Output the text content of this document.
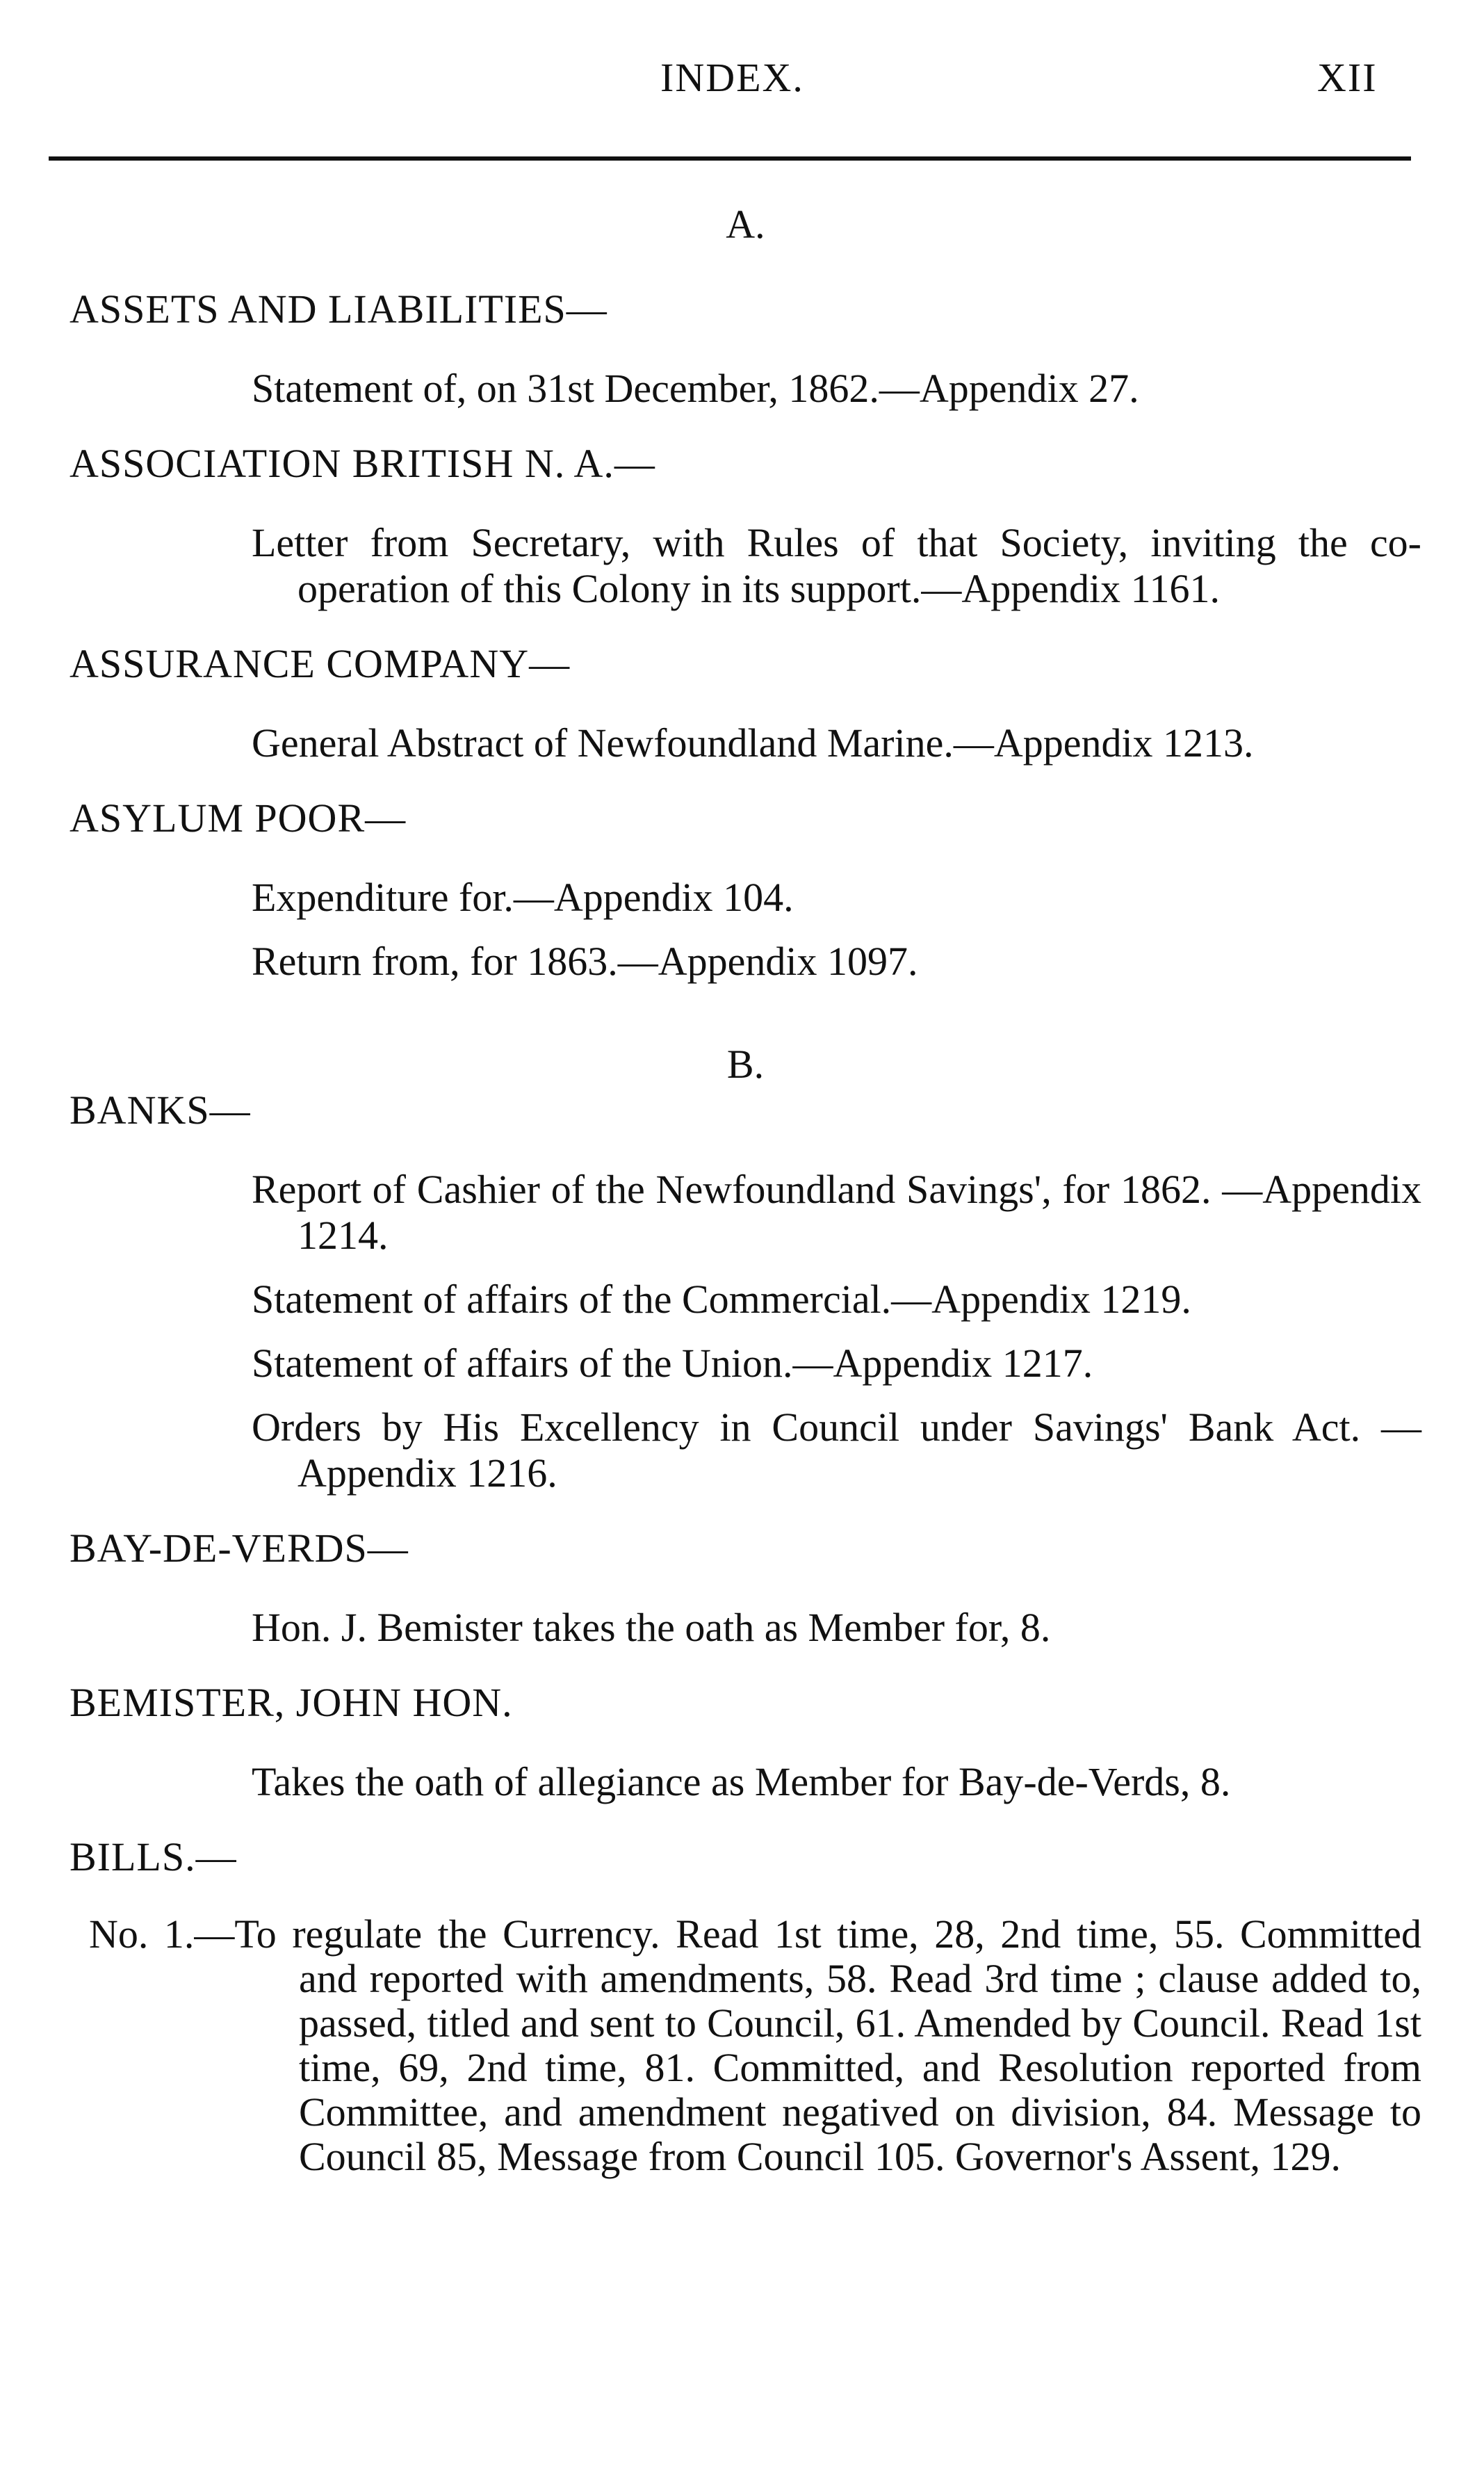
INDEX.	XII
A.
ASSETS AND LIABILITIES—
Statement of, on 31st December, 1862.—Appendix 27.
ASSOCIATION BRITISH N. A.—
Letter from Secretary, with Rules of that Society, inviting the co-operation of this Colony in its support.—Appendix 1161.
ASSURANCE COMPANY—
General Abstract of Newfoundland Marine.—Appendix 1213.
ASYLUM POOR—
Expenditure for.—Appendix 104.
Return from, for 1863.—Appendix 1097.
B.
BANKS—
Report of Cashier of the Newfoundland Savings', for 1862. —Appendix 1214.
Statement of affairs of the Commercial.—Appendix 1219.
Statement of affairs of the Union.—Appendix 1217.
Orders by His Excellency in Council under Savings' Bank Act. —Appendix 1216.
BAY-DE-VERDS—
Hon. J. Bemister takes the oath as Member for, 8.
BEMISTER, JOHN HON.
Takes the oath of allegiance as Member for Bay-de-Verds, 8.
BILLS.—
No. 1.—To regulate the Currency. Read 1st time, 28, 2nd time, 55. Committed and reported with amendments, 58. Read 3rd time ; clause added to, passed, titled and sent to Council, 61. Amended by Council. Read 1st time, 69, 2nd time, 81. Committed, and Resolution reported from Committee, and amendment negatived on division, 84. Message to Council 85, Message from Council 105. Governor's Assent, 129.
